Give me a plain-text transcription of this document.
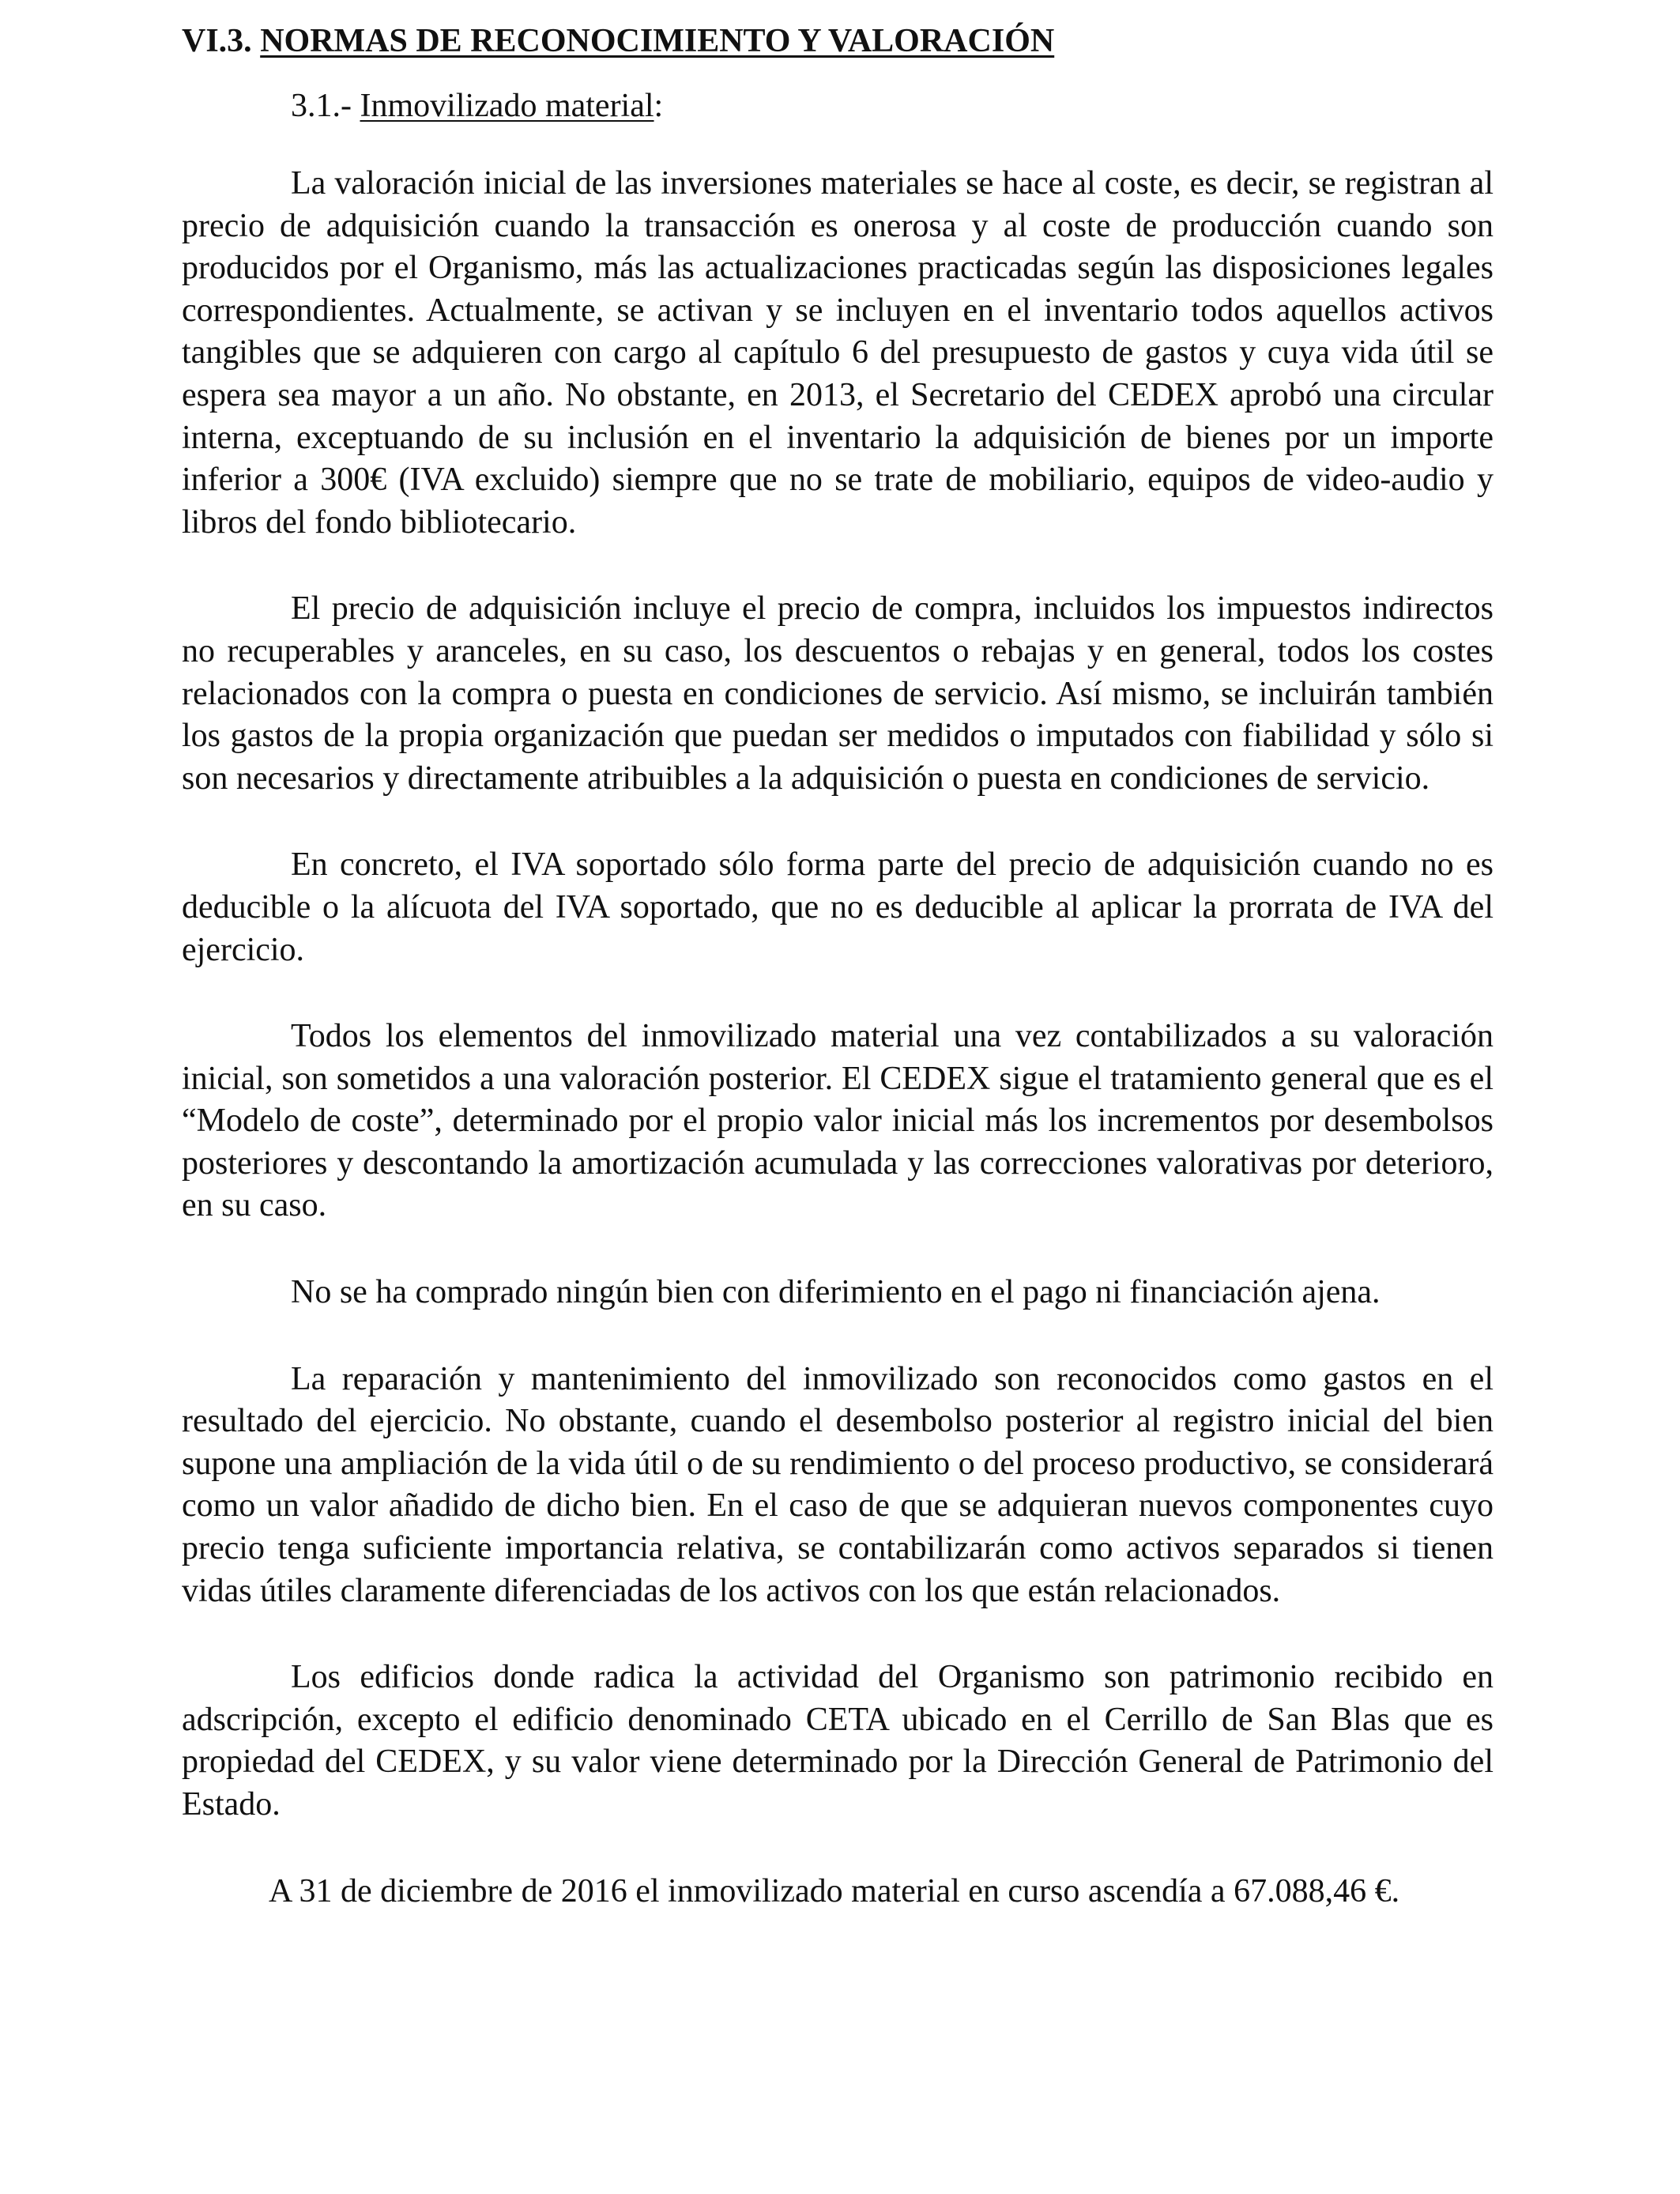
VI.3. NORMAS DE RECONOCIMIENTO Y VALORACIÓN
3.1.- Inmovilizado material:

La valoración inicial de las inversiones materiales se hace al coste, es decir, se registran al precio de adquisición cuando la transacción es onerosa y al coste de producción cuando son producidos por el Organismo, más las actualizaciones practicadas según las disposiciones legales correspondientes. Actualmente, se activan y se incluyen en el inventario todos aquellos activos tangibles que se adquieren con cargo al capítulo 6 del presupuesto de gastos y cuya vida útil se espera sea mayor a un año. No obstante, en 2013, el Secretario del CEDEX aprobó una circular interna, exceptuando de su inclusión en el inventario la adquisición de bienes por un importe inferior a 300€ (IVA excluido) siempre que no se trate de mobiliario, equipos de video-audio y libros del fondo bibliotecario.

El precio de adquisición incluye el precio de compra, incluidos los impuestos indirectos no recuperables y aranceles, en su caso, los descuentos o rebajas y en general, todos los costes relacionados con la compra o puesta en condiciones de servicio. Así mismo, se incluirán también los gastos de la propia organización que puedan ser medidos o imputados con fiabilidad y sólo si son necesarios y directamente atribuibles a la adquisición o puesta en condiciones de servicio.

En concreto, el IVA soportado sólo forma parte del precio de adquisición cuando no es deducible o la alícuota del IVA soportado, que no es deducible al aplicar la prorrata de IVA del ejercicio.

Todos los elementos del inmovilizado material una vez contabilizados a su valoración inicial, son sometidos a una valoración posterior. El CEDEX sigue el tratamiento general que es el “Modelo de coste”, determinado por el propio valor inicial más los incrementos por desembolsos posteriores y descontando la amortización acumulada y las correcciones valorativas por deterioro, en su caso.

No se ha comprado ningún bien con diferimiento en el pago ni financiación ajena.

La reparación y mantenimiento del inmovilizado son reconocidos como gastos en el resultado del ejercicio. No obstante, cuando el desembolso posterior al registro inicial del bien supone una ampliación de la vida útil o de su rendimiento o del proceso productivo, se considerará como un valor añadido de dicho bien. En el caso de que se adquieran nuevos componentes cuyo precio tenga suficiente importancia relativa, se contabilizarán como activos separados si tienen vidas útiles claramente diferenciadas de los activos con los que están relacionados.

Los edificios donde radica la actividad del Organismo son patrimonio recibido en adscripción, excepto el edificio denominado CETA ubicado en el Cerrillo de San Blas que es propiedad del CEDEX, y su valor viene determinado por la Dirección General de Patrimonio del Estado.

A 31 de diciembre de 2016 el inmovilizado material en curso ascendía a 67.088,46 €.
